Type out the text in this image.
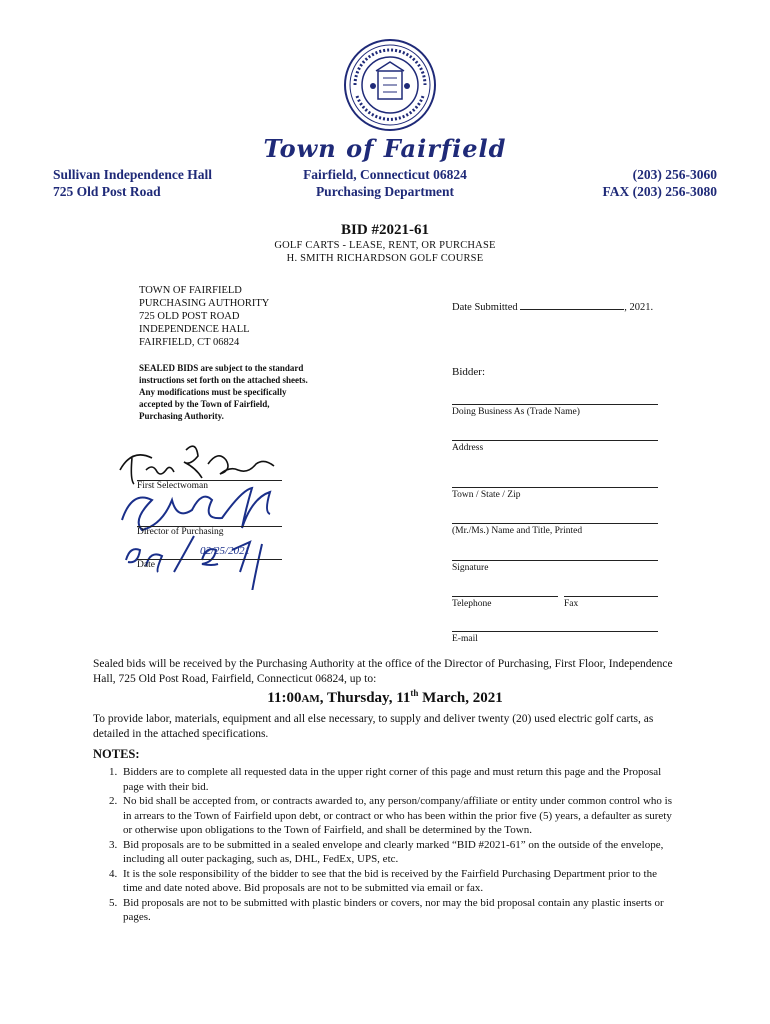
Town of Fairfield
Sullivan Independence Hall
725 Old Post Road
Fairfield, Connecticut 06824
Purchasing Department
(203) 256-3060
FAX (203) 256-3080
BID #2021-61
GOLF CARTS - LEASE, RENT, OR PURCHASE
H. SMITH RICHARDSON GOLF COURSE
TOWN OF FAIRFIELD
PURCHASING AUTHORITY
725 OLD POST ROAD
INDEPENDENCE HALL
FAIRFIELD, CT 06824
SEALED BIDS are subject to the standard
instructions set forth on the attached sheets.
Any modifications must be specifically
accepted by the Town of Fairfield,
Purchasing Authority.
First Selectwoman
Director of Purchasing
Date
02/25/2021
Date Submitted	, 2021.
Bidder:
Doing Business As (Trade Name)
Address
Town / State / Zip
(Mr./Ms.) Name and Title, Printed
Signature
Telephone	Fax
E-mail
Sealed bids will be received by the Purchasing Authority at the office of the Director of Purchasing, First Floor, Independence Hall, 725 Old Post Road, Fairfield, Connecticut 06824, up to:
11:00AM, Thursday, 11th March, 2021
To provide labor, materials, equipment and all else necessary, to supply and deliver twenty (20) used electric golf carts, as detailed in the attached specifications.
NOTES:
1. Bidders are to complete all requested data in the upper right corner of this page and must return this page and the Proposal page with their bid.
2. No bid shall be accepted from, or contracts awarded to, any person/company/affiliate or entity under common control who is in arrears to the Town of Fairfield upon debt, or contract or who has been within the prior five (5) years, a defaulter as surety or otherwise upon obligations to the Town of Fairfield, and shall be determined by the Town.
3. Bid proposals are to be submitted in a sealed envelope and clearly marked “BID #2021-61” on the outside of the envelope, including all outer packaging, such as, DHL, FedEx, UPS, etc.
4. It is the sole responsibility of the bidder to see that the bid is received by the Fairfield Purchasing Department prior to the time and date noted above. Bid proposals are not to be submitted via email or fax.
5. Bid proposals are not to be submitted with plastic binders or covers, nor may the bid proposal contain any plastic inserts or pages.
